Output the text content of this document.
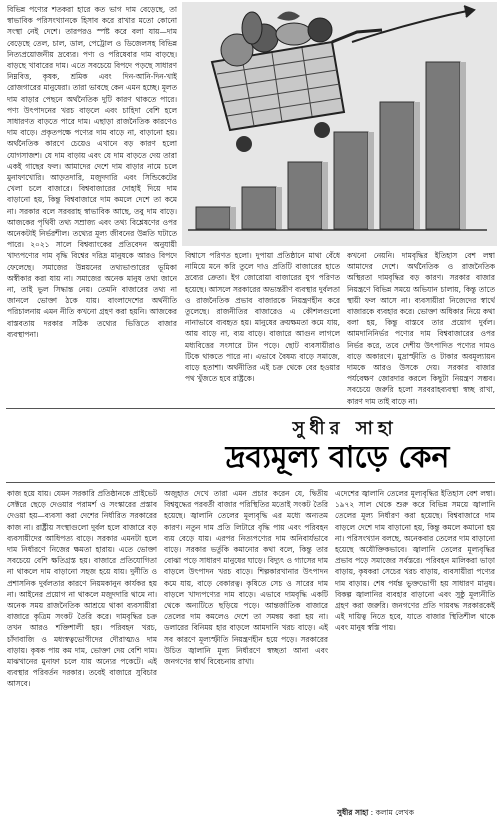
বিভিন্ন পণ্যের শতকরা হারে কত ভাগ দাম বেড়েছে, তা স্বাভাবিক পরিসংখ্যানকে হিসাব করে রাখার মতো কোনো সংস্থা নেই দেশে। তারপরও স্পষ্ট করে বলা যায়—দাম বেড়েছে তেল, চাল, ডাল, পেট্রোল ও ডিজেলসহ বিভিন্ন নিত্যপ্রয়োজনীয় দ্রব্যের। পণ্য ও পরিষেবার দাম বাড়ছে। বাড়ছে খাবারের দাম। এতে সবচেয়ে বিপদে পড়ছে সাধারণ নিম্নবিত্ত, কৃষক, শ্রমিক এবং দিন-আনি-দিন-খাই রোজগারের মানুষেরা। তারা ভাবছে কেন এমন হচ্ছে। মূলত দাম বাড়ার পেছনে অর্থনৈতিক দুটি কারণ থাকতে পারে। পণ্য উৎপাদনের খরচ বাড়লে এবং চাহিদা বেশি হলে সাধারণত বাড়তে পারে দাম। এছাড়া রাজনৈতিক কারণেও দাম বাড়ে। প্রকৃতপক্ষে পণ্যের দাম বাড়ে না, বাড়ানো হয়। অর্থনৈতিক কারণে চেয়েও এখানে বড় কারণ হলো যোগসাজশ। যে দাম বাড়ায় এবং যে দাম বাড়তে দেয় তারা একই গাছের ফল। আমাদের দেশে দাম বাড়ার নামে চলে মুনাফাখোরি। আড়তদারি, মজুদদারি এবং সিন্ডিকেটের খেলা চলে বাজারে। বিশ্ববাজারের দোহাই দিয়ে দাম বাড়ানো হয়, কিন্তু বিশ্ববাজারে দাম কমলে দেশে তা কমে না। সরকার বলে সরবরাহ স্বাভাবিক আছে, তবু দাম বাড়ে। আজকের পৃথিবী তথ্য সম্রাজ্য এবং তথ্য বিশ্লেষণের ওপর অনেকটাই নির্ভরশীল। তথ্যের মূল্য জীবনের উন্নতি ঘটাতে পারে। ২০২১ সালে বিশ্বব্যাংকের প্রতিবেদন অনুযায়ী খাদ্যপণ্যের দাম বৃদ্ধি বিশ্বের দরিদ্র মানুষকে আরও বিপদে ফেলেছে। সমাজের উন্নয়নের তথ্যভাণ্ডারের ভূমিকা অস্বীকার করা যায় না। সমাজের অনেক মানুষ তথ্য জানে না, তাই ভুল সিদ্ধান্ত নেয়। তেমনি বাজারের তথ্য না জানলে ভোক্তা ঠকে যায়। বাংলাদেশের অর্থনীতি পরিচালনায় এমন নীতি কখনো গ্রহণ করা হয়নি। আজকের বাস্তবতায় দরকার সঠিক তথ্যের ভিত্তিতে বাজার ব্যবস্থাপনা।

বিশ্বাসে পরিণত হলো। দুপায়া প্রতিষ্ঠানে মাথা বেঁধে নামিয়ে মনে করি তুলে দাও প্রতিটি বাজারের হাতে দ্রব্যের ক্রেতা। ইগ জোরোয়া বাজারের যুগ পরিণত হয়েছে। আসলে সরকারের অভ্যন্তরীণ ব্যবস্থার দুর্বলতা ও রাজনৈতিক প্রভাব বাজারকে নিয়ন্ত্রণহীন করে তুলেছে। রাজনীতির বাজারেও এ কৌশলগুলো নানাভাবে ব্যবহৃত হয়। মানুষের ক্রয়ক্ষমতা কমে যায়, আয় বাড়ে না, ব্যয় বাড়ে। বাজারে আগুন লাগলে মধ্যবিত্তের সংসারে টান পড়ে। ছোট ব্যবসায়ীরাও টিকে থাকতে পারে না। এভাবে বৈষম্য বাড়ে সমাজে, বাড়ে হতাশা। অর্থনীতির এই চক্র থেকে বের হওয়ার পথ খুঁজতে হবে রাষ্ট্রকে।

কখনো নেয়নি। দামবৃদ্ধির ইতিহাস বেশ লম্বা আমাদের দেশে। অর্থনৈতিক ও রাজনৈতিক অস্থিরতা দামবৃদ্ধির বড় কারণ। সরকার বাজার নিয়ন্ত্রণে বিভিন্ন সময়ে অভিযান চালায়, কিন্তু তাতে স্থায়ী ফল আসে না। ব্যবসায়ীরা নিজেদের স্বার্থে বাজারকে ব্যবহার করে। ভোক্তা অধিকার নিয়ে কথা বলা হয়, কিন্তু বাস্তবে তার প্রয়োগ দুর্বল। আমদানিনির্ভর পণ্যের দাম বিশ্ববাজারের ওপর নির্ভর করে, তবে দেশীয় উৎপাদিত পণ্যের দামও বাড়ে অকারণে। মুদ্রাস্ফীতি ও টাকার অবমূল্যায়ন দামকে আরও উসকে দেয়। সরকার বাজার পর্যবেক্ষণ জোরদার করলে কিছুটা নিয়ন্ত্রণ সম্ভব। সবচেয়ে জরুরি হলো সরবরাহব্যবস্থা স্বচ্ছ রাখা, কারণ দাম তাই বাড়ে না।

সুধীর সাহা
দ্রব্যমূল্য বাড়ে কেন

কাজ হয়ে যায়। যেমন সরকারি প্রতিষ্ঠানকে প্রাইভেট সেক্টরে ছেড়ে দেওয়ার পরামর্শ ও সংস্কারের প্রস্তাব দেওয়া হয়—ব্যবসা করা দেশের নির্ধারিত সরকারের কাজ না। রাষ্ট্রীয় সংস্থাগুলো দুর্বল হলে বাজারে বড় ব্যবসায়ীদের আধিপত্য বাড়ে। সরকার এমনটা হলে দাম নির্ধারণে নিজের ক্ষমতা হারায়। এতে ভোক্তা সবচেয়ে বেশি ক্ষতিগ্রস্ত হয়। বাজারে প্রতিযোগিতা না থাকলে দাম বাড়ানো সহজ হয়ে যায়। দুর্নীতি ও প্রশাসনিক দুর্বলতার কারণে নিয়মকানুন কার্যকর হয় না। আইনের প্রয়োগ না থাকলে মজুদদারি থামে না। অনেক সময় রাজনৈতিক আশ্রয়ে থাকা ব্যবসায়ীরা বাজারে কৃত্রিম সংকট তৈরি করে। দামবৃদ্ধির চক্র তখন আরও শক্তিশালী হয়। পরিবহন খরচ, চাঁদাবাজি ও মধ্যস্বত্বভোগীদের দৌরাত্ম্যও দাম বাড়ায়। কৃষক পায় কম দাম, ভোক্তা দেয় বেশি দাম। মাঝখানের মুনাফা চলে যায় অন্যের পকেটে। এই ব্যবস্থার পরিবর্তন দরকার। তবেই বাজারে সুবিচার আসবে।

অজুহাত দেখে তারা এমন প্রচার করেন যে, দ্বিতীয় বিশ্বযুদ্ধের পরবর্তী বাজার পরিস্থিতির মতোই সংকট তৈরি হয়েছে। জ্বালানি তেলের মূল্যবৃদ্ধি এর মধ্যে অন্যতম কারণ। নতুন দাম প্রতি লিটারে বৃদ্ধি পায় এবং পরিবহন ব্যয় বেড়ে যায়। এরপর নিত্যপণ্যের দাম অনিবার্যভাবে বাড়ে। সরকার ভর্তুকি কমানোর কথা বলে, কিন্তু তার বোঝা পড়ে সাধারণ মানুষের ঘাড়ে। বিদ্যুৎ ও গ্যাসের দাম বাড়লে উৎপাদন খরচ বাড়ে। শিল্পকারখানার উৎপাদন কমে যায়, বাড়ে বেকারত্ব। কৃষিতে সেচ ও সারের দাম বাড়লে খাদ্যপণ্যের দাম বাড়ে। এভাবে দামবৃদ্ধি একটি থেকে অন্যটিতে ছড়িয়ে পড়ে। আন্তর্জাতিক বাজারে তেলের দাম কমলেও দেশে তা সমন্বয় করা হয় না। ডলারের বিনিময় হার বাড়লে আমদানি খরচ বাড়ে। এই সব কারণে মূল্যস্ফীতি নিয়ন্ত্রণহীন হয়ে পড়ে। সরকারের উচিত জ্বালানি মূল্য নির্ধারণে স্বচ্ছতা আনা এবং জনগণের স্বার্থ বিবেচনায় রাখা।

এদেশের জ্বালানি তেলের মূল্যবৃদ্ধির ইতিহাস বেশ লম্বা। ১৯৭২ সাল থেকে শুরু করে বিভিন্ন সময়ে জ্বালানি তেলের মূল্য নির্ধারণ করা হয়েছে। বিশ্ববাজারে দাম বাড়লে দেশে দাম বাড়ানো হয়, কিন্তু কমলে কমানো হয় না। পরিসংখ্যান বলছে, অনেকবার তেলের দাম বাড়ানো হয়েছে অযৌক্তিকভাবে। জ্বালানি তেলের মূল্যবৃদ্ধির প্রভাব পড়ে সমাজের সর্বস্তরে। পরিবহন মালিকরা ভাড়া বাড়ায়, কৃষকরা সেচের খরচ বাড়ায়, ব্যবসায়ীরা পণ্যের দাম বাড়ায়। শেষ পর্যন্ত ভুক্তভোগী হয় সাধারণ মানুষ। বিকল্প জ্বালানির ব্যবহার বাড়ানো এবং সুষ্ঠু মূল্যনীতি গ্রহণ করা জরুরি। জনগণের প্রতি দায়বদ্ধ সরকারকেই এই দায়িত্ব নিতে হবে, যাতে বাজার স্থিতিশীল থাকে এবং মানুষ স্বস্তি পায়।

সুধীর সাহা : কলাম লেখক
